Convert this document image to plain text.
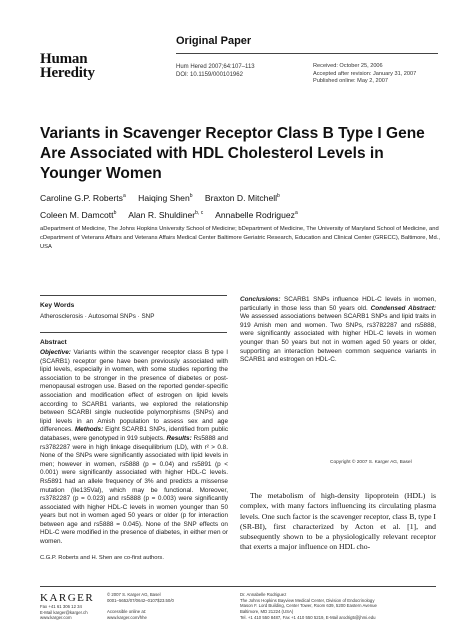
Original Paper
Human
Heredity	Hum Hered 2007;64:107–113
DOI: 10.1159/000101962
Received: October 25, 2006
Accepted after revision: January 31, 2007
Published online: May 2, 2007
Variants in Scavenger Receptor Class B Type I Gene Are Associated with HDL Cholesterol Levels in Younger Women
Caroline G.P. Roberts$^a$ Haiqing Shen$^b$ Braxton D. Mitchell$^b$
Coleen M. Damcott$^b$ Alan R. Shuldiner$^{b, c}$ Annabelle Rodriguez$^a$
aDepartment of Medicine, The Johns Hopkins University School of Medicine; bDepartment of Medicine, The University of Maryland School of Medicine, and cDepartment of Veterans Affairs and Veterans Affairs Medical Center Baltimore Geriatric Research, Education and Clinical Center (GRECC), Baltimore, Md., USA
Key Words
Atherosclerosis · Autosomal SNPs · SNP
Abstract
Objective: Variants within the scavenger receptor class B type I (SCARB1) receptor gene have been previously associated with lipid levels, especially in women, with some studies reporting the association to be stronger in the presence of diabetes or post-menopausal estrogen use. Based on the reported gender-specific association and modification effect of estrogen on lipid levels according to SCARB1 variants, we explored the relationship between SCARBI single nucleotide polymorphisms (SNPs) and lipid levels in an Amish population to assess sex and age differences. Methods: Eight SCARB1 SNPs, identified from public databases, were genotyped in 919 subjects. Results: Rs5888 and rs3782287 were in high linkage disequilibrium (LD), with r² > 0.8. None of the SNPs were significantly associated with lipid levels in men; however in women, rs5888 (p = 0.04) and rs5891 (p < 0.001) were significantly associated with higher HDL-C levels. Rs5891 had an allele frequency of 3% and predicts a missense mutation (Ile135Val), which may be functional. Moreover, rs3782287 (p = 0.023) and rs5888 (p = 0.003) were significantly associated with higher HDL-C levels in women younger than 50 years but not in women aged 50 years or older (p for interaction between age and rs5888 = 0.045). None of the SNP effects on HDL-C were modified in the presence of diabetes, in either men or women.
Conclusions: SCARB1 SNPs influence HDL-C levels in women, particularly in those less than 50 years old. Condensed Abstract: We assessed associations between SCARB1 SNPs and lipid traits in 919 Amish men and women. Two SNPs, rs3782287 and rs5888, were significantly associated with higher HDL-C levels in women younger than 50 years but not in women aged 50 years or older, supporting an interaction between common sequence variants in SCARB1 and estrogen on HDL-C.
Copyright © 2007 S. Karger AG, Basel

The metabolism of high-density lipoprotein (HDL) is complex, with many factors influencing its circulating plasma levels. One such factor is the scavenger receptor, class B, type I (SR-BI), first characterized by Acton et al. [1], and subsequently shown to be a physiologically relevant receptor that exerts a major influence on HDL cho-

C.G.P. Roberts and H. Shen are co-first authors.
KARGER
Fax +41 61 306 12 34
E-Mail karger@karger.ch
www.karger.com
© 2007 S. Karger AG, Basel
0001–5652/07/0642–0107$23.50/0
Accessible online at:
www.karger.com/hhe
Dr. Annabelle Rodriguez
The Johns Hopkins Bayview Medical Center, Division of Endocrinology
Mason F. Lord Building, Center Tower, Room 639, 5200 Eastern Avenue
Baltimore, MD 21224 (USA)
Tel. +1 410 550 8487, Fax +1 410 550 5219, E-Mail arodrig5@jhmi.edu
